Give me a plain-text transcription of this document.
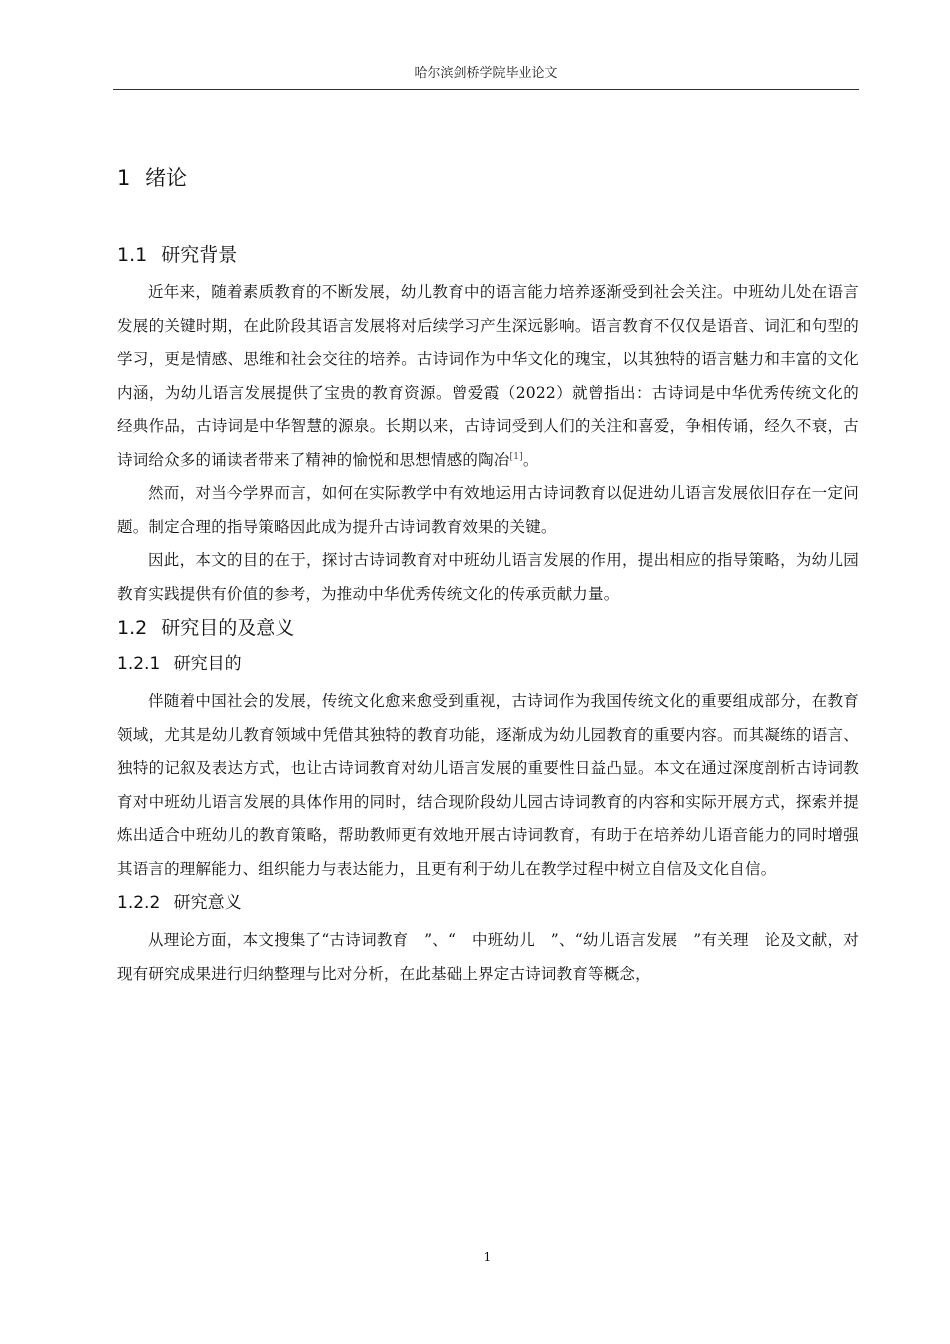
哈尔滨剑桥学院毕业论文
1 绪论
1.1 研究背景

近年来，随着素质教育的不断发展，幼儿教育中的语言能力培养逐渐受到社会关注。中班幼儿处在语言发展的关键时期，在此阶段其语言发展将对后续学习产生深远影响。语言教育不仅仅是语音、词汇和句型的学习，更是情感、思维和社会交往的培养。古诗词作为中华文化的瑰宝，以其独特的语言魅力和丰富的文化内涵，为幼儿语言发展提供了宝贵的教育资源。曾爱霞（2022）就曾指出：古诗词是中华优秀传统文化的经典作品，古诗词是中华智慧的源泉。长期以来，古诗词受到人们的关注和喜爱，争相传诵，经久不衰，古诗词给众多的诵读者带来了精神的愉悦和思想情感的陶冶[1]。

然而，对当今学界而言，如何在实际教学中有效地运用古诗词教育以促进幼儿语言发展依旧存在一定问题。制定合理的指导策略因此成为提升古诗词教育效果的关键。

因此，本文的目的在于，探讨古诗词教育对中班幼儿语言发展的作用，提出相应的指导策略，为幼儿园教育实践提供有价值的参考，为推动中华优秀传统文化的传承贡献力量。

1.2 研究目的及意义
1.2.1 研究目的

伴随着中国社会的发展，传统文化愈来愈受到重视，古诗词作为我国传统文化的重要组成部分，在教育领域，尤其是幼儿教育领域中凭借其独特的教育功能，逐渐成为幼儿园教育的重要内容。而其凝练的语言、独特的记叙及表达方式，也让古诗词教育对幼儿语言发展的重要性日益凸显。本文在通过深度剖析古诗词教育对中班幼儿语言发展的具体作用的同时，结合现阶段幼儿园古诗词教育的内容和实际开展方式，探索并提炼出适合中班幼儿的教育策略，帮助教师更有效地开展古诗词教育，有助于在培养幼儿语音能力的同时增强其语言的理解能力、组织能力与表达能力，且更有利于幼儿在教学过程中树立自信及文化自信。

1.2.2 研究意义

从理论方面，本文搜集了“古诗词教育　”、“　中班幼儿　”、“幼儿语言发展　”有关理　论及文献，对现有研究成果进行归纳整理与比对分析，在此基础上界定古诗词教育等概念，

1
